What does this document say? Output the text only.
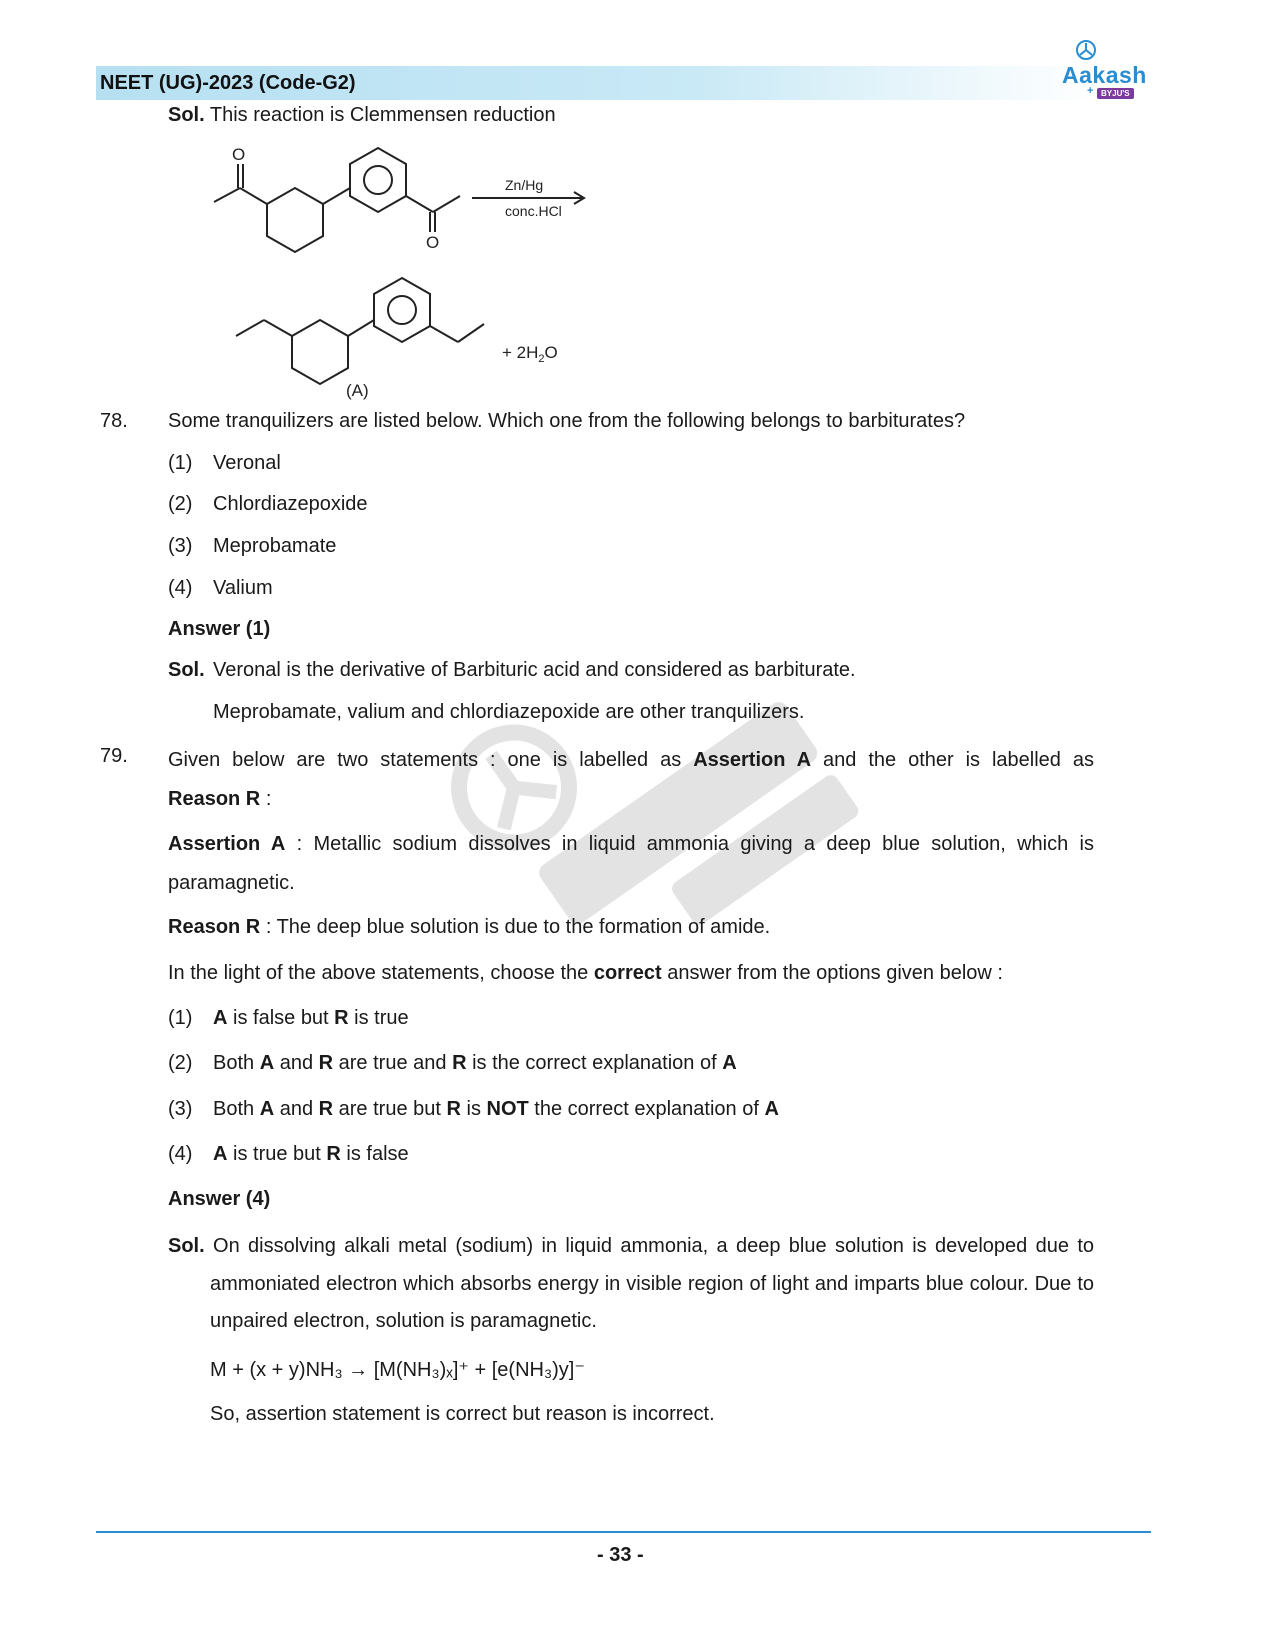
NEET (UG)-2023 (Code-G2)	Aakash
+ BYJU'S
Sol. This reaction is Clemmensen reduction
O
O
Zn/Hg
conc.HCl
(A)
+ $2H_2O$
78. Some tranquilizers are listed below. Which one from the following belongs to barbiturates?
(1) Veronal
(2) Chlordiazepoxide
(3) Meprobamate
(4) Valium
Answer (1)
Sol. Veronal is the derivative of Barbituric acid and considered as barbiturate.
Meprobamate, valium and chlordiazepoxide are other tranquilizers.
79. Given below are two statements : one is labelled as Assertion A and the other is labelled as
Reason R :
Assertion A : Metallic sodium dissolves in liquid ammonia giving a deep blue solution, which is
paramagnetic.
Reason R : The deep blue solution is due to the formation of amide.
In the light of the above statements, choose the correct answer from the options given below :
(1) A is false but R is true
(2) Both A and R are true and R is the correct explanation of A
(3) Both A and R are true but R is NOT the correct explanation of A
(4) A is true but R is false
Answer (4)
Sol. On dissolving alkali metal (sodium) in liquid ammonia, a deep blue solution is developed due to
ammoniated electron which absorbs energy in visible region of light and imparts blue colour. Due to
unpaired electron, solution is paramagnetic.
M + (x + y)NH₃ → [M(NH₃)ₓ]⁺ + [e(NH₃)y]⁻
So, assertion statement is correct but reason is incorrect.
- 33 -
